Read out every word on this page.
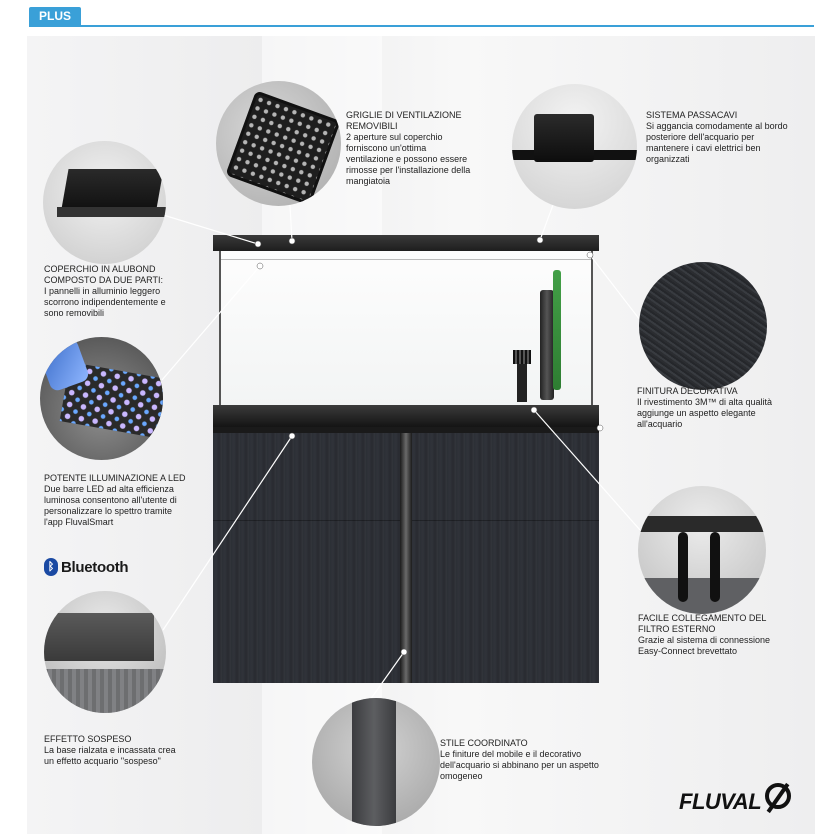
PLUS
GRIGLIE DI VENTILAZIONE REMOVIBILI
2 aperture sul coperchio forniscono un'ottima ventilazione e possono essere rimosse per l'installazione della mangiatoia
SISTEMA PASSACAVI
Si aggancia comodamente al bordo posteriore dell'acquario per mantenere i cavi elettrici ben organizzati
COPERCHIO IN ALUBOND COMPOSTO DA DUE PARTI:
I pannelli in alluminio leggero scorrono indipendentemente e sono removibili
POTENTE ILLUMINAZIONE A LED
Due barre LED ad alta efficienza luminosa consentono all'utente di personalizzare lo spettro tramite l'app FluvalSmart
FINITURA DECORATIVA
Il rivestimento 3M™ di alta qualità aggiunge un aspetto elegante all'acquario
FACILE COLLEGAMENTO DEL FILTRO ESTERNO
Grazie al sistema di connessione Easy-Connect brevettato
EFFETTO SOSPESO
La base rialzata e incassata crea un effetto acquario "sospeso"
STILE COORDINATO
Le finiture del mobile e il decorativo dell'acquario si abbinano per un aspetto omogeneo
ᛒ Bluetooth
FLUVAL
